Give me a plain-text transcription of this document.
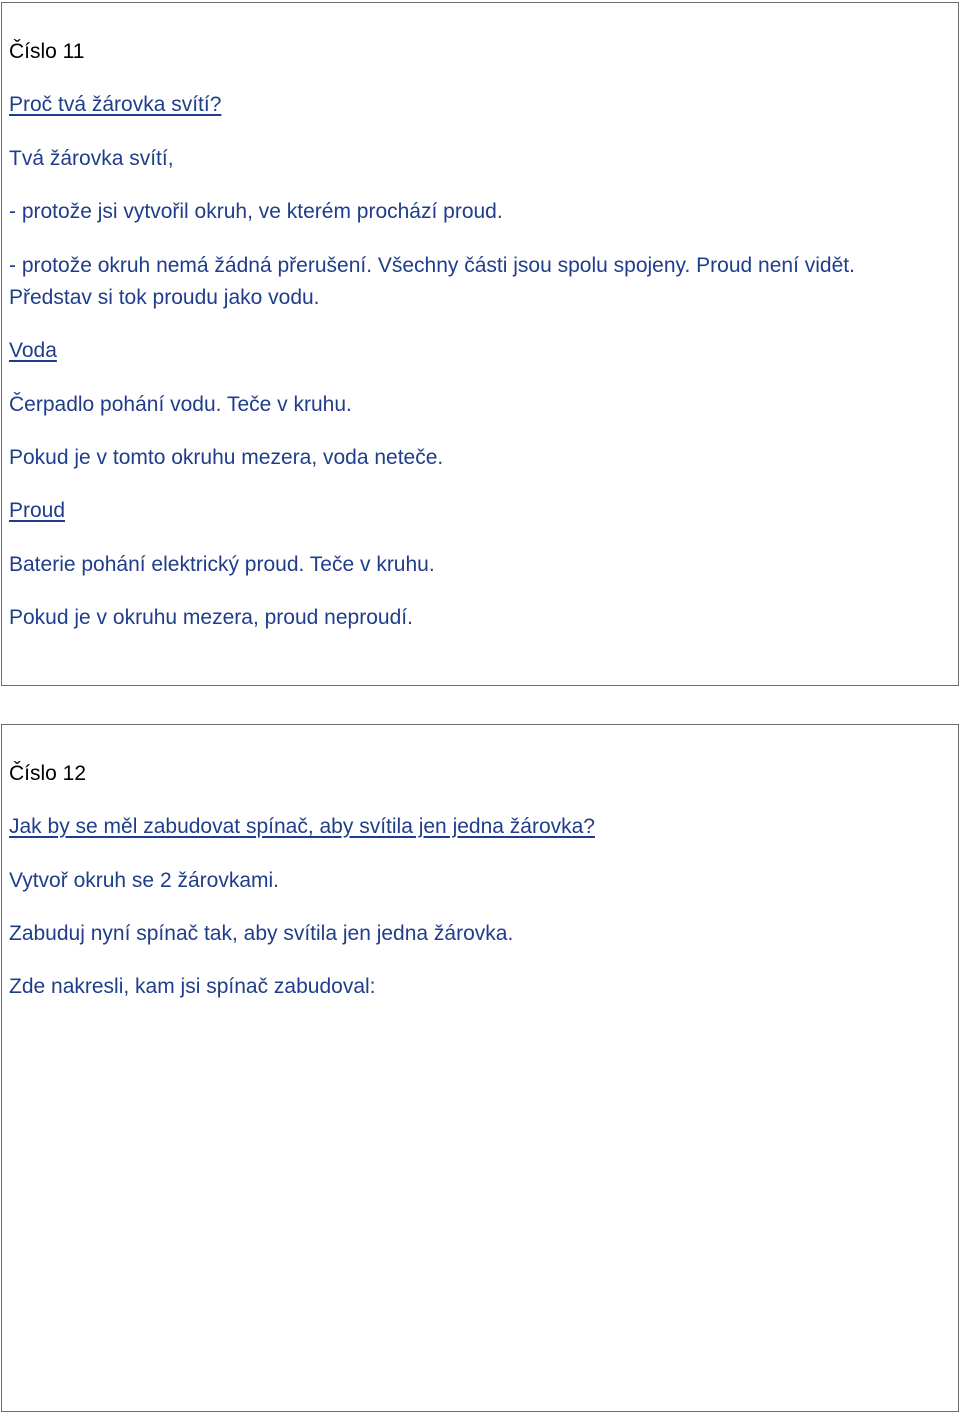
Číslo 11
Proč tvá žárovka svítí?
Tvá žárovka svítí,
- protože jsi vytvořil okruh, ve kterém prochází proud.
- protože okruh nemá žádná přerušení. Všechny části jsou spolu spojeny. Proud není vidět.
Představ si tok proudu jako vodu.
Voda
Čerpadlo pohání vodu. Teče v kruhu.
Pokud je v tomto okruhu mezera, voda neteče.
Proud
Baterie pohání elektrický proud. Teče v kruhu.
Pokud je v okruhu mezera, proud neproudí.
Číslo 12
Jak by se měl zabudovat spínač, aby svítila jen jedna žárovka?
Vytvoř okruh se 2 žárovkami.
Zabuduj nyní spínač tak, aby svítila jen jedna žárovka.
Zde nakresli, kam jsi spínač zabudoval:
